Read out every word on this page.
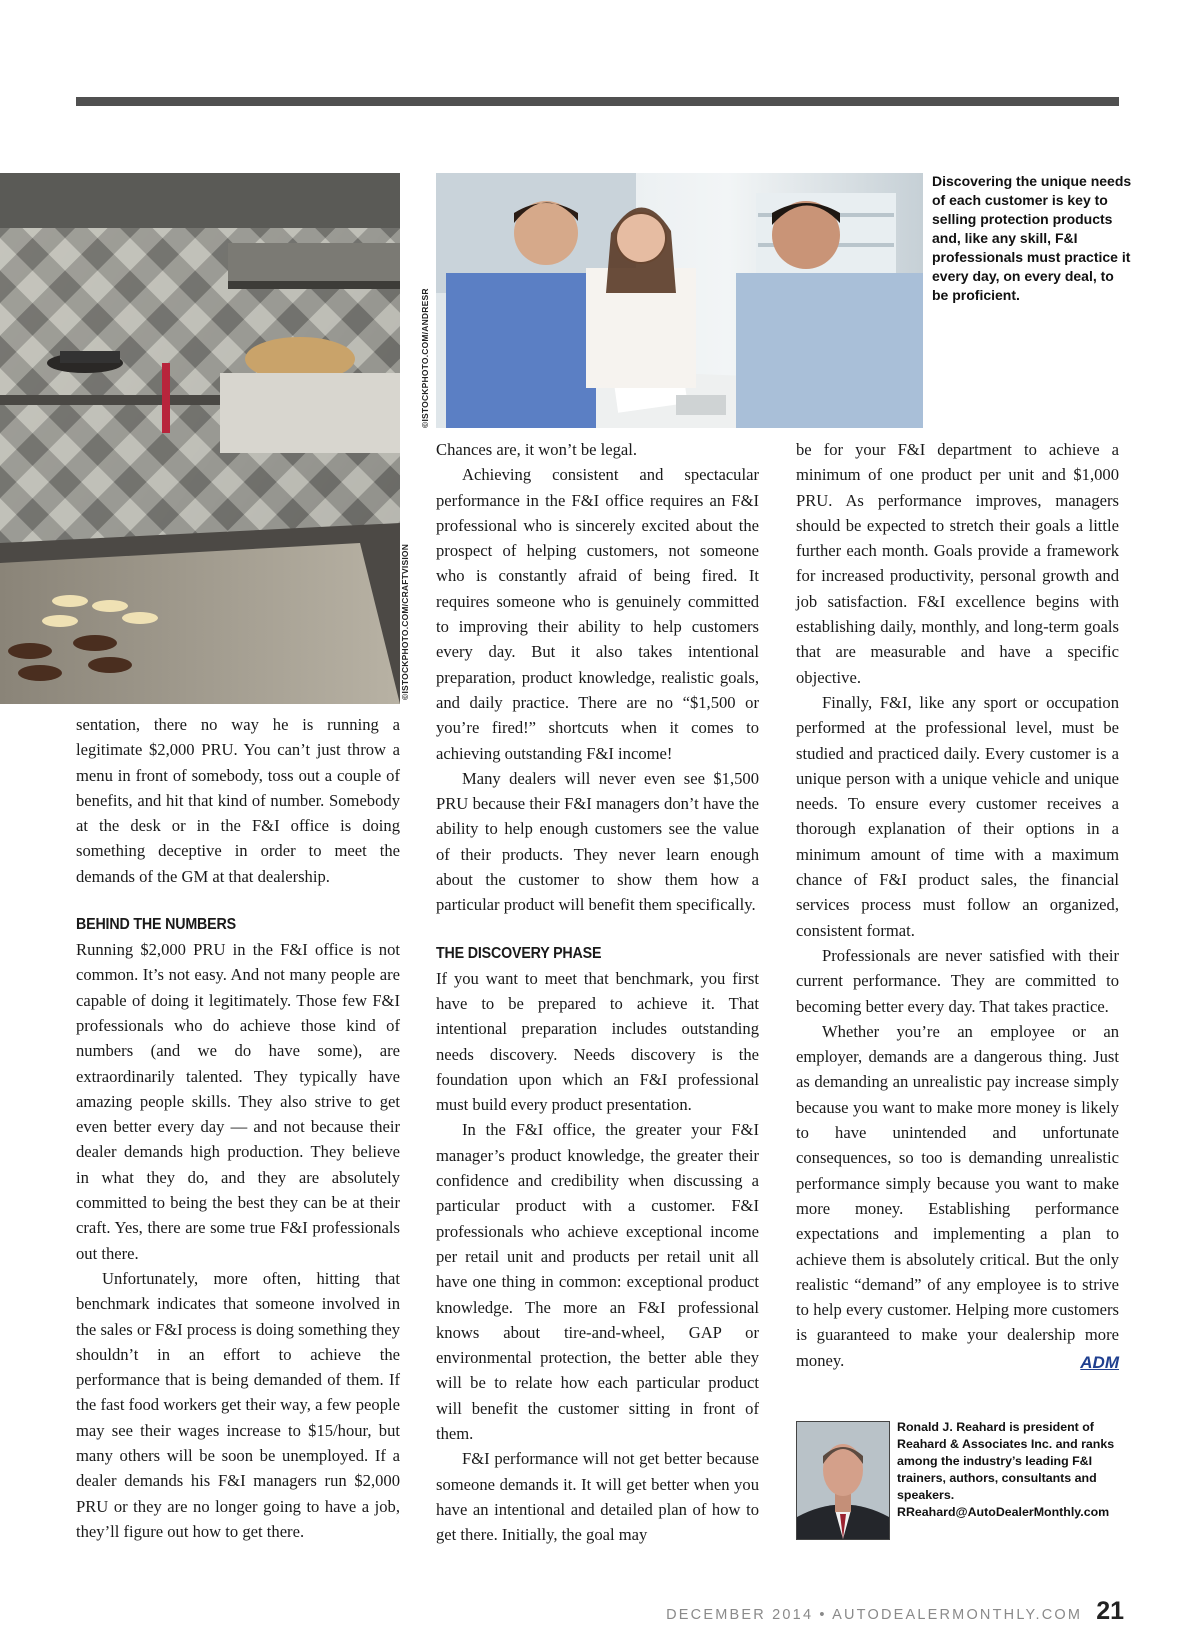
©ISTOCKPHOTO.COM/CRAFTVISION
©ISTOCKPHOTO.COM/ANDRESR
Discovering the unique needs of each customer is key to selling protection products and, like any skill, F&I professionals must practice it every day, on every deal, to be proficient.

sentation, there no way he is running a legitimate $2,000 PRU. You can’t just throw a menu in front of somebody, toss out a couple of benefits, and hit that kind of number. Somebody at the desk or in the F&I office is doing something deceptive in order to meet the demands of the GM at that dealership.

BEHIND THE NUMBERS

Running $2,000 PRU in the F&I office is not common. It’s not easy. And not many people are capable of doing it legitimately. Those few F&I professionals who do achieve those kind of numbers (and we do have some), are extraordinarily talented. They typically have amazing people skills. They also strive to get even better every day — and not because their dealer demands high production. They believe in what they do, and they are absolutely committed to being the best they can be at their craft. Yes, there are some true F&I professionals out there.

Unfortunately, more often, hitting that benchmark indicates that someone involved in the sales or F&I process is doing something they shouldn’t in an effort to achieve the performance that is being demanded of them. If the fast food workers get their way, a few people may see their wages increase to $15/hour, but many others will be soon be unemployed. If a dealer demands his F&I managers run $2,000 PRU or they are no longer going to have a job, they’ll figure out how to get there.

Chances are, it won’t be legal.

Achieving consistent and spectacular performance in the F&I office requires an F&I professional who is sincerely excited about the prospect of helping customers, not someone who is constantly afraid of being fired. It requires someone who is genuinely committed to improving their ability to help customers every day. But it also takes intentional preparation, product knowledge, realistic goals, and daily practice. There are no “$1,500 or you’re fired!” shortcuts when it comes to achieving outstanding F&I income!

Many dealers will never even see $1,500 PRU because their F&I managers don’t have the ability to help enough customers see the value of their products. They never learn enough about the customer to show them how a particular product will benefit them specifically.

THE DISCOVERY PHASE

If you want to meet that benchmark, you first have to be prepared to achieve it. That intentional preparation includes outstanding needs discovery. Needs discovery is the foundation upon which an F&I professional must build every product presentation.

In the F&I office, the greater your F&I manager’s product knowledge, the greater their confidence and credibility when discussing a particular product with a customer. F&I professionals who achieve exceptional income per retail unit and products per retail unit all have one thing in common: exceptional product knowledge. The more an F&I professional knows about tire-and-wheel, GAP or environmental protection, the better able they will be to relate how each particular product will benefit the customer sitting in front of them.

F&I performance will not get better because someone demands it. It will get better when you have an intentional and detailed plan of how to get there. Initially, the goal may

be for your F&I department to achieve a minimum of one product per unit and $1,000 PRU. As performance improves, managers should be expected to stretch their goals a little further each month. Goals provide a framework for increased productivity, personal growth and job satisfaction. F&I excellence begins with establishing daily, monthly, and long-term goals that are measurable and have a specific objective.

Finally, F&I, like any sport or occupation performed at the professional level, must be studied and practiced daily. Every customer is a unique person with a unique vehicle and unique needs. To ensure every customer receives a thorough explanation of their options in a minimum amount of time with a maximum chance of F&I product sales, the financial services process must follow an organized, consistent format.

Professionals are never satisfied with their current performance. They are committed to becoming better every day. That takes practice.

Whether you’re an employee or an employer, demands are a dangerous thing. Just as demanding an unrealistic pay increase simply because you want to make more money is likely to have unintended and unfortunate consequences, so too is demanding unrealistic performance simply because you want to make more money. Establishing performance expectations and implementing a plan to achieve them is absolutely critical. But the only realistic “demand” of any employee is to strive to help every customer. Helping more customers is guaranteed to make your dealership more money.	ADM

Ronald J. Reahard is president of Reahard & Associates Inc. and ranks among the industry’s leading F&I trainers, authors, consultants and speakers.
RReahard@AutoDealerMonthly.com
DECEMBER 2014 • AUTODEALERMONTHLY.COM 21
